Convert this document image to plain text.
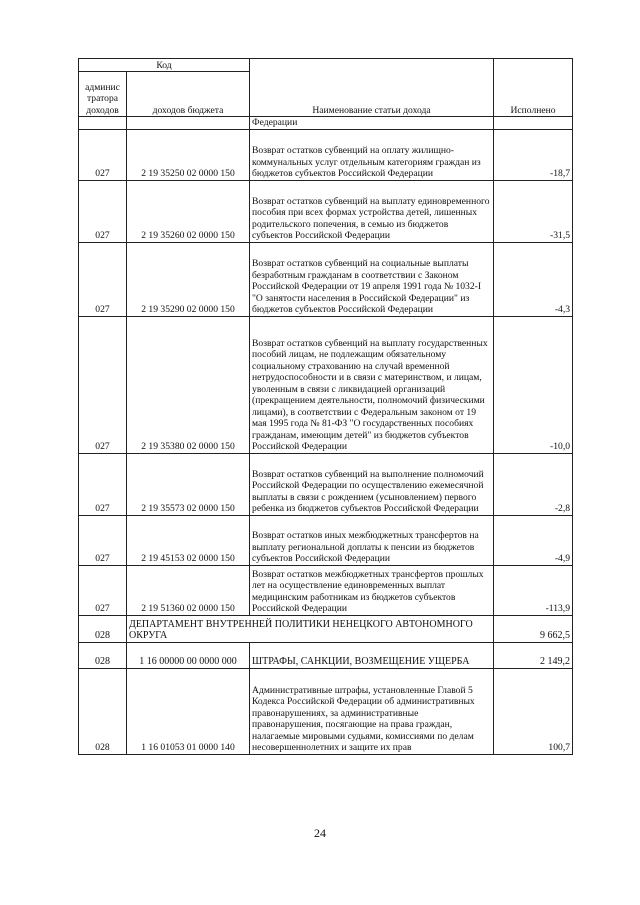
Код		Наименование статьи дохода	Исполнено
админис тратора доходов	доходов бюджета		
		Федерации	
027	2 19 35250 02 0000 150	Возврат остатков субвенций на оплату жилищно-коммунальных услуг отдельным категориям граждан из бюджетов субъектов Российской Федерации	-18,7
027	2 19 35260 02 0000 150	Возврат остатков субвенций на выплату единовременного пособия при всех формах устройства детей, лишенных родительского попечения, в семью из бюджетов субъектов Российской Федерации	-31,5
027	2 19 35290 02 0000 150	Возврат остатков субвенций на социальные выплаты безработным гражданам в соответствии с Законом Российской Федерации от 19 апреля 1991 года № 1032-I "О занятости населения в Российской Федерации" из бюджетов субъектов Российской Федерации	-4,3
027	2 19 35380 02 0000 150	Возврат остатков субвенций на выплату государственных пособий лицам, не подлежащим обязательному социальному страхованию на случай временной нетрудоспособности и в связи с материнством, и лицам, уволенным в связи с ликвидацией организаций (прекращением деятельности, полномочий физическими лицами), в соответствии с Федеральным законом от 19 мая 1995 года № 81-ФЗ "О государственных пособиях гражданам, имеющим детей" из бюджетов субъектов Российской Федерации	-10,0
027	2 19 35573 02 0000 150	Возврат остатков субвенций на выполнение полномочий Российской Федерации по осуществлению ежемесячной выплаты в связи с рождением (усыновлением) первого ребенка из бюджетов субъектов Российской Федерации	-2,8
027	2 19 45153 02 0000 150	Возврат остатков иных межбюджетных трансфертов на выплату региональной доплаты к пенсии из бюджетов субъектов Российской Федерации	-4,9
027	2 19 51360 02 0000 150	Возврат остатков межбюджетных трансфертов прошлых лет на осуществление единовременных выплат медицинским работникам из бюджетов субъектов Российской Федерации	-113,9
028	ДЕПАРТАМЕНТ ВНУТРЕННЕЙ ПОЛИТИКИ НЕНЕЦКОГО АВТОНОМНОГО ОКРУГА		9 662,5
028	1 16 00000 00 0000 000	ШТРАФЫ, САНКЦИИ, ВОЗМЕЩЕНИЕ УЩЕРБА	2 149,2
028	1 16 01053 01 0000 140	Административные штрафы, установленные Главой 5 Кодекса Российской Федерации об административных правонарушениях, за административные правонарушения, посягающие на права граждан, налагаемые мировыми судьями, комиссиями по делам несовершеннолетних и защите их прав	100,7
24
